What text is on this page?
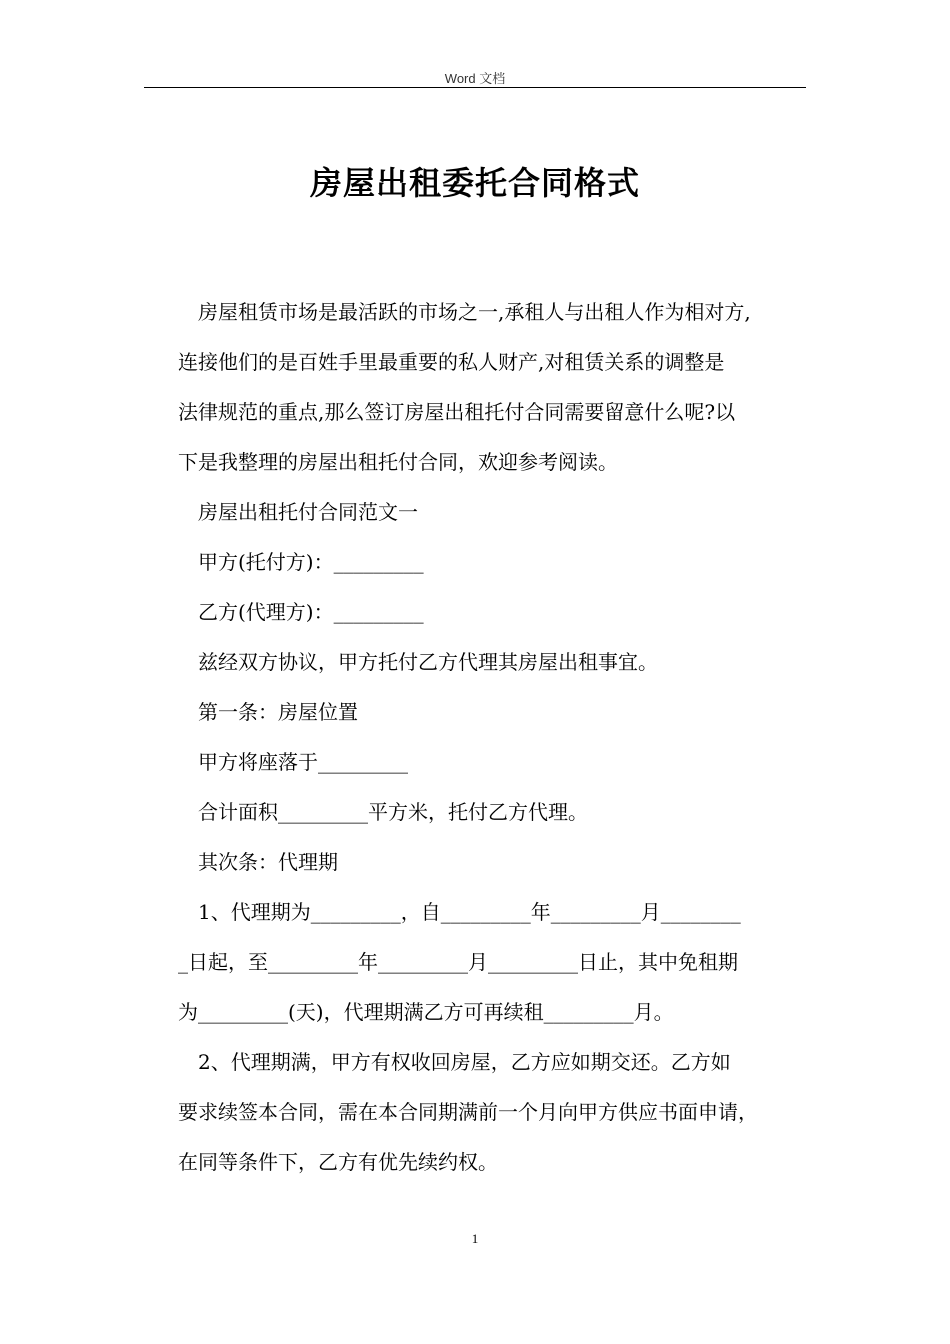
Word 文档
房屋出租委托合同格式
房屋租赁市场是最活跃的市场之一,承租人与出租人作为相对方,
连接他们的是百姓手里最重要的私人财产,对租赁关系的调整是
法律规范的重点,那么签订房屋出租托付合同需要留意什么呢?以
下是我整理的房屋出租托付合同，欢迎参考阅读。
房屋出租托付合同范文一
甲方(托付方)：_________
乙方(代理方)：_________
兹经双方协议，甲方托付乙方代理其房屋出租事宜。
第一条：房屋位置
甲方将座落于_________
合计面积_________平方米，托付乙方代理。
其次条：代理期
1、代理期为_________，自_________年_________月________
_日起，至_________年_________月_________日止，其中免租期
为_________(天)，代理期满乙方可再续租_________月。
2、代理期满，甲方有权收回房屋，乙方应如期交还。乙方如
要求续签本合同，需在本合同期满前一个月向甲方供应书面申请，
在同等条件下，乙方有优先续约权。
1
